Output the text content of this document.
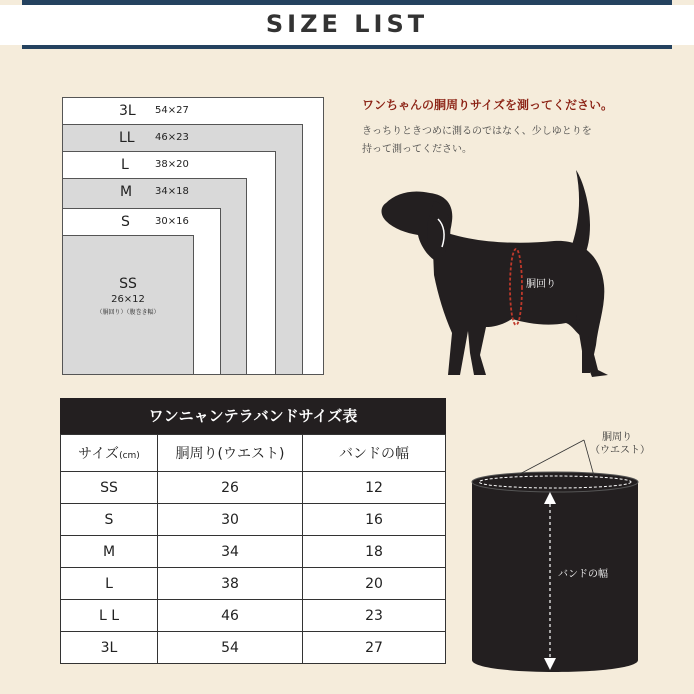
SIZE LIST
3L 54×27
LL 46×23
L	38×20
M 34×18
S	30×16
SS
26×12
（胴回り）（腹巻き幅）
ワンちゃんの胴周りサイズを測ってください。
きっちりときつめに測るのではなく、少しゆとりを
持って測ってください。
胴回り
ワンニャンテラバンドサイズ表
サイズ(cm)	胴周り(ウエスト)	バンドの幅
SS	26	12
S	30	16
M	34	18
L	38	20
L L	46	23
3L	54	27
胴周り
（ウエスト）
バンドの幅
